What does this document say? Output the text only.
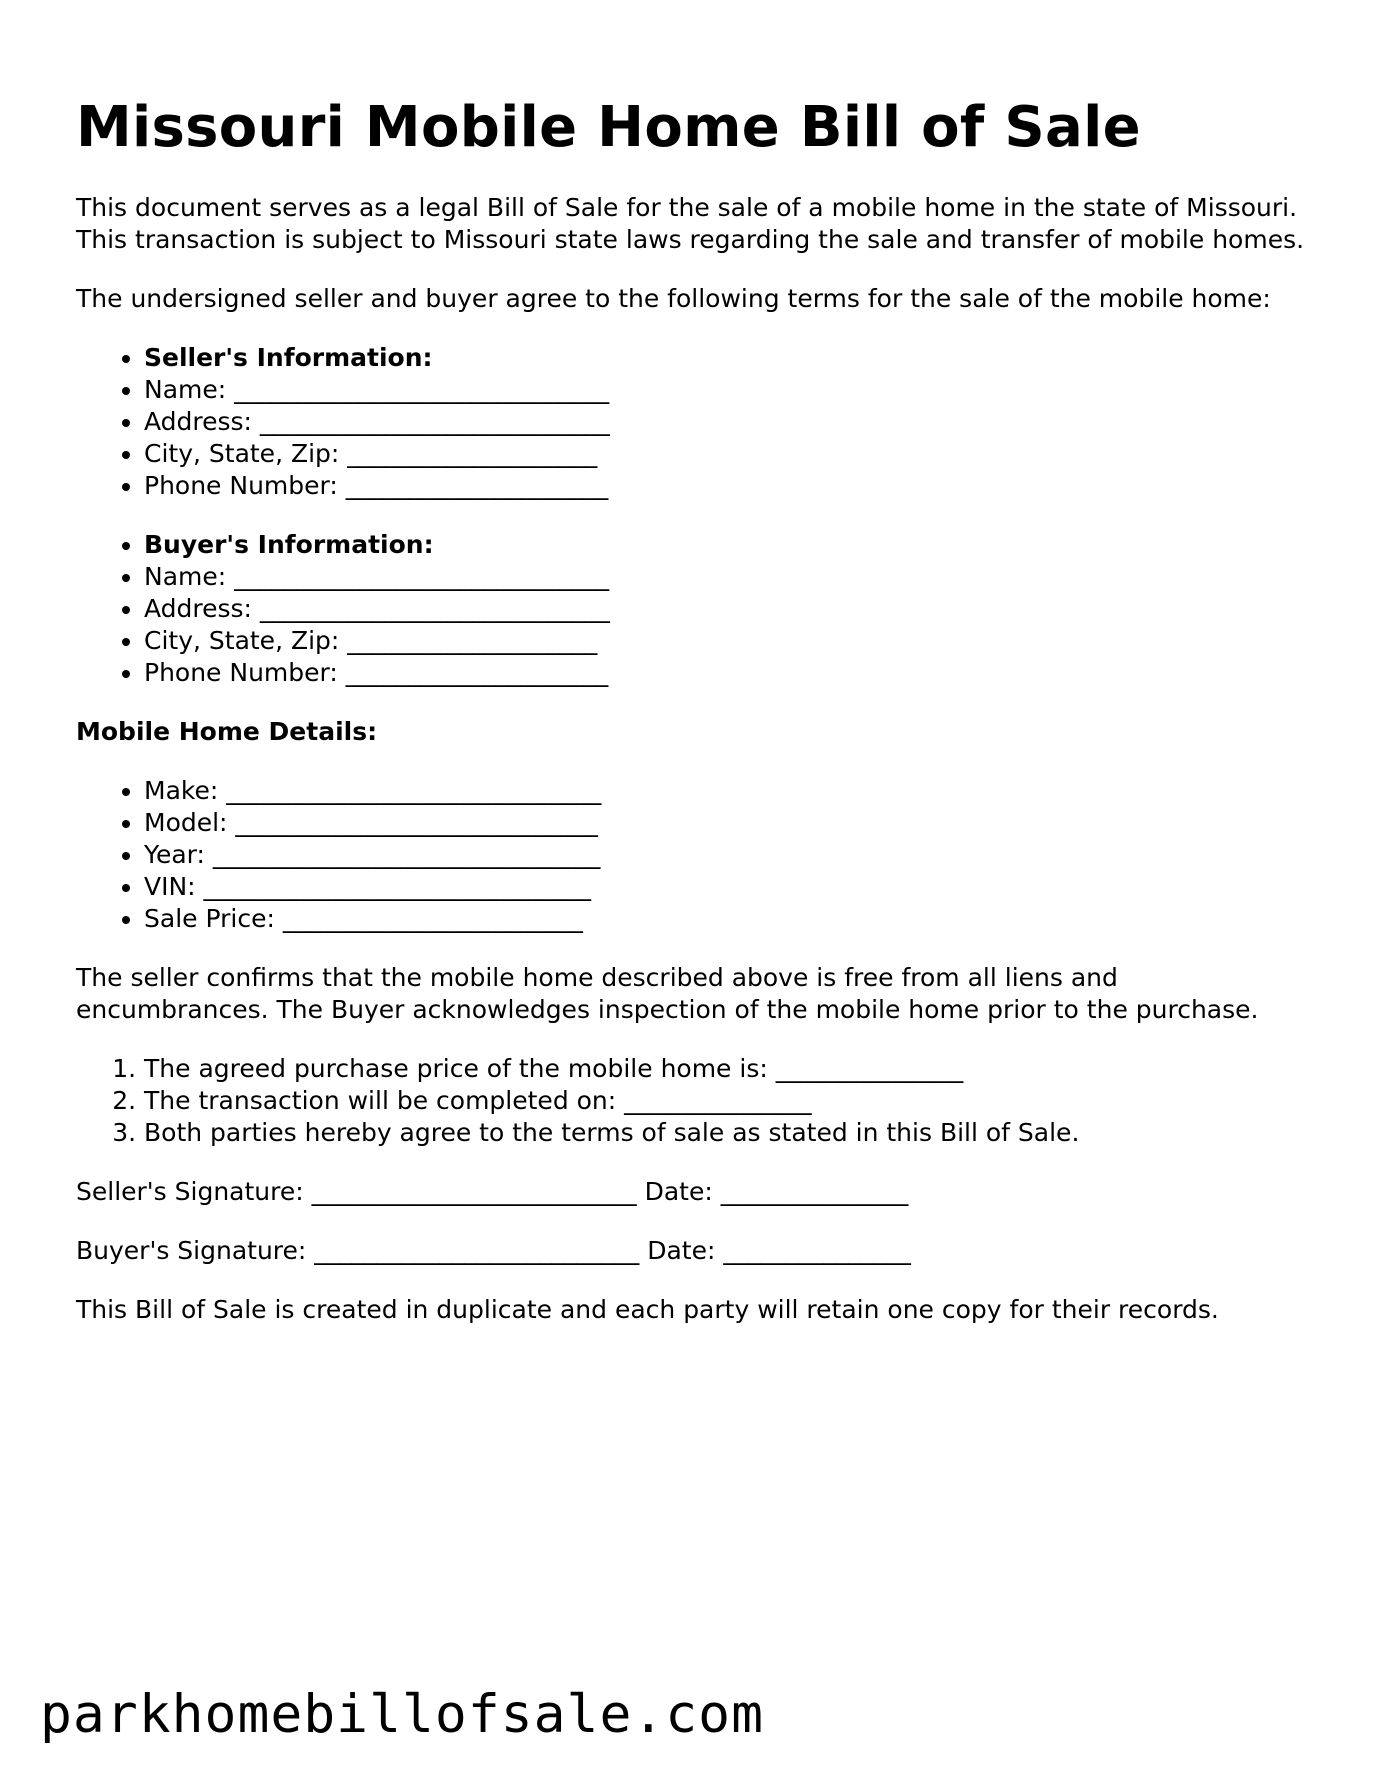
Missouri Mobile Home Bill of Sale

This document serves as a legal Bill of Sale for the sale of a mobile home in the state of Missouri. This transaction is subject to Missouri state laws regarding the sale and transfer of mobile homes.

The undersigned seller and buyer agree to the following terms for the sale of the mobile home:

• Seller's Information:
• Name: ______________________________
• Address: ____________________________
• City, State, Zip: ____________________
• Phone Number: _____________________
• Buyer's Information:
• Name: ______________________________
• Address: ____________________________
• City, State, Zip: ____________________
• Phone Number: _____________________
Mobile Home Details:
• Make: ______________________________
• Model: _____________________________
• Year: _______________________________
• VIN: _______________________________
• Sale Price: ________________________

The seller confirms that the mobile home described above is free from all liens and encumbrances. The Buyer acknowledges inspection of the mobile home prior to the purchase.

1. The agreed purchase price of the mobile home is: _______________
2. The transaction will be completed on: _______________
3. Both parties hereby agree to the terms of sale as stated in this Bill of Sale.

Seller's Signature: __________________________ Date: _______________

Buyer's Signature: __________________________ Date: _______________

This Bill of Sale is created in duplicate and each party will retain one copy for their records.

parkhomebillofsale.com
